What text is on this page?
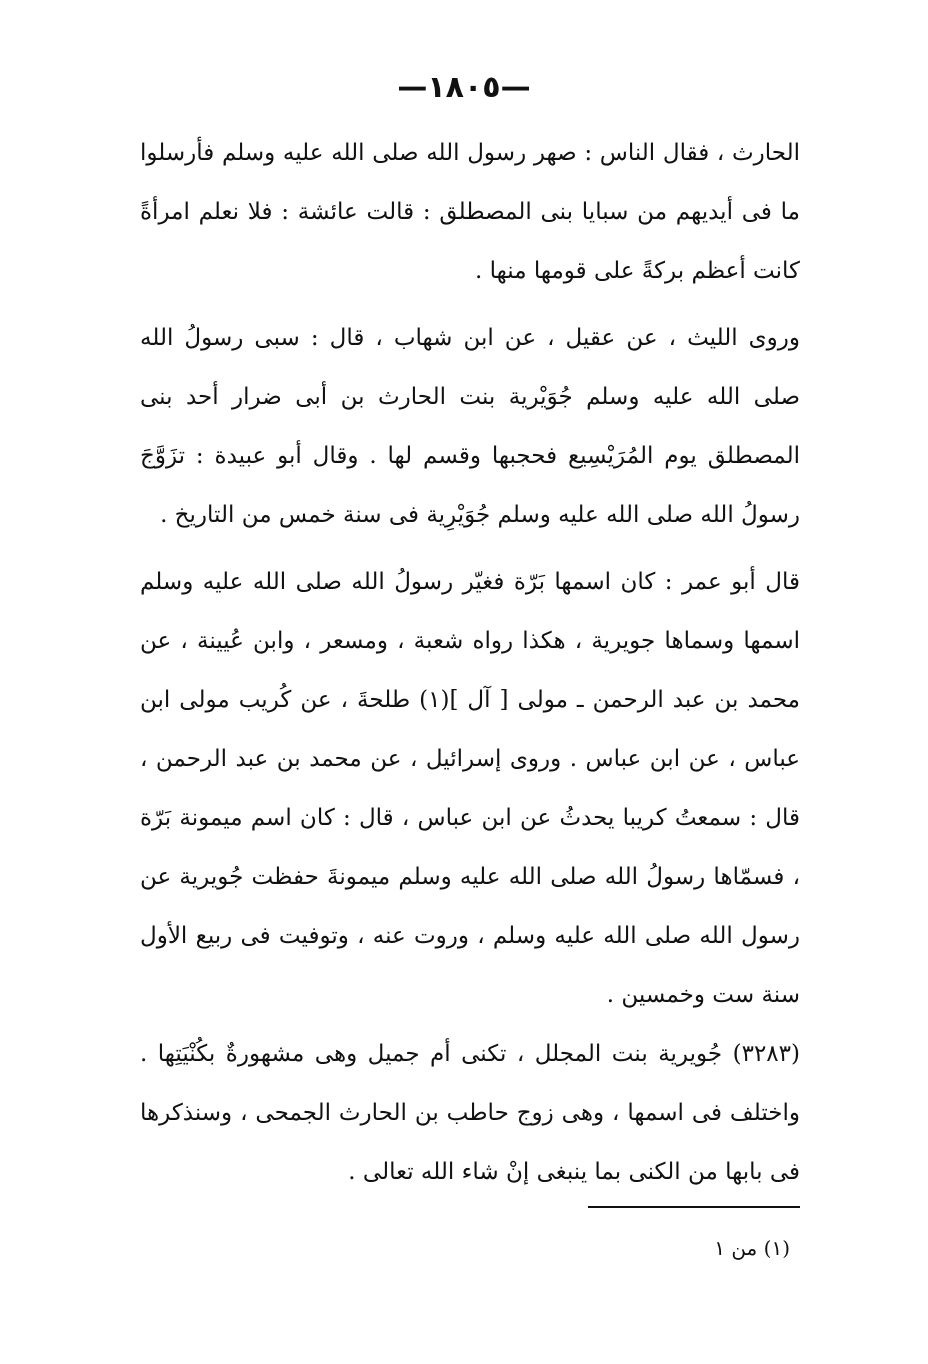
—١٨٠٥—

الحارث ، فقال الناس : صهر رسول الله صلى الله عليه وسلم فأرسلوا ما فى أيديهم من سبايا بنى المصطلق : قالت عائشة : فلا نعلم امرأةً كانت أعظم بركةً على قومها منها .

وروى الليث ، عن عقيل ، عن ابن شهاب ، قال : سبى رسولُ الله صلى الله عليه وسلم جُوَيْرية بنت الحارث بن أبى ضرار أحد بنى المصطلق يوم المُرَيْسِيع فحجبها وقسم لها . وقال أبو عبيدة : تزَوَّجَ رسولُ الله صلى الله عليه وسلم جُوَيْرِية فى سنة خمس من التاريخ .

قال أبو عمر : كان اسمها بَرّة فغيّر رسولُ الله صلى الله عليه وسلم اسمها وسماها جويرية ، هكذا رواه شعبة ، ومسعر ، وابن عُيينة ، عن محمد بن عبد الرحمن ـ مولى [ آل ](١) طلحةَ ، عن كُريب مولى ابن عباس ، عن ابن عباس . وروى إسرائيل ، عن محمد بن عبد الرحمن ، قال : سمعتُ كريبا يحدثُ عن ابن عباس ، قال : كان اسم ميمونة بَرّة ، فسمّاها رسولُ الله صلى الله عليه وسلم ميمونةَ حفظت جُويرية عن رسول الله صلى الله عليه وسلم ، وروت عنه ، وتوفيت فى ربيع الأول سنة ست وخمسين .

(٣٢٨٣) جُويرية بنت المجلل ، تكنى أم جميل وهى مشهورةٌ بكُنْيَتِها . واختلف فى اسمها ، وهى زوج حاطب بن الحارث الجمحى ، وسنذكرها فى بابها من الكنى بما ينبغى إنْ شاء الله تعالى .

(١) من ١
